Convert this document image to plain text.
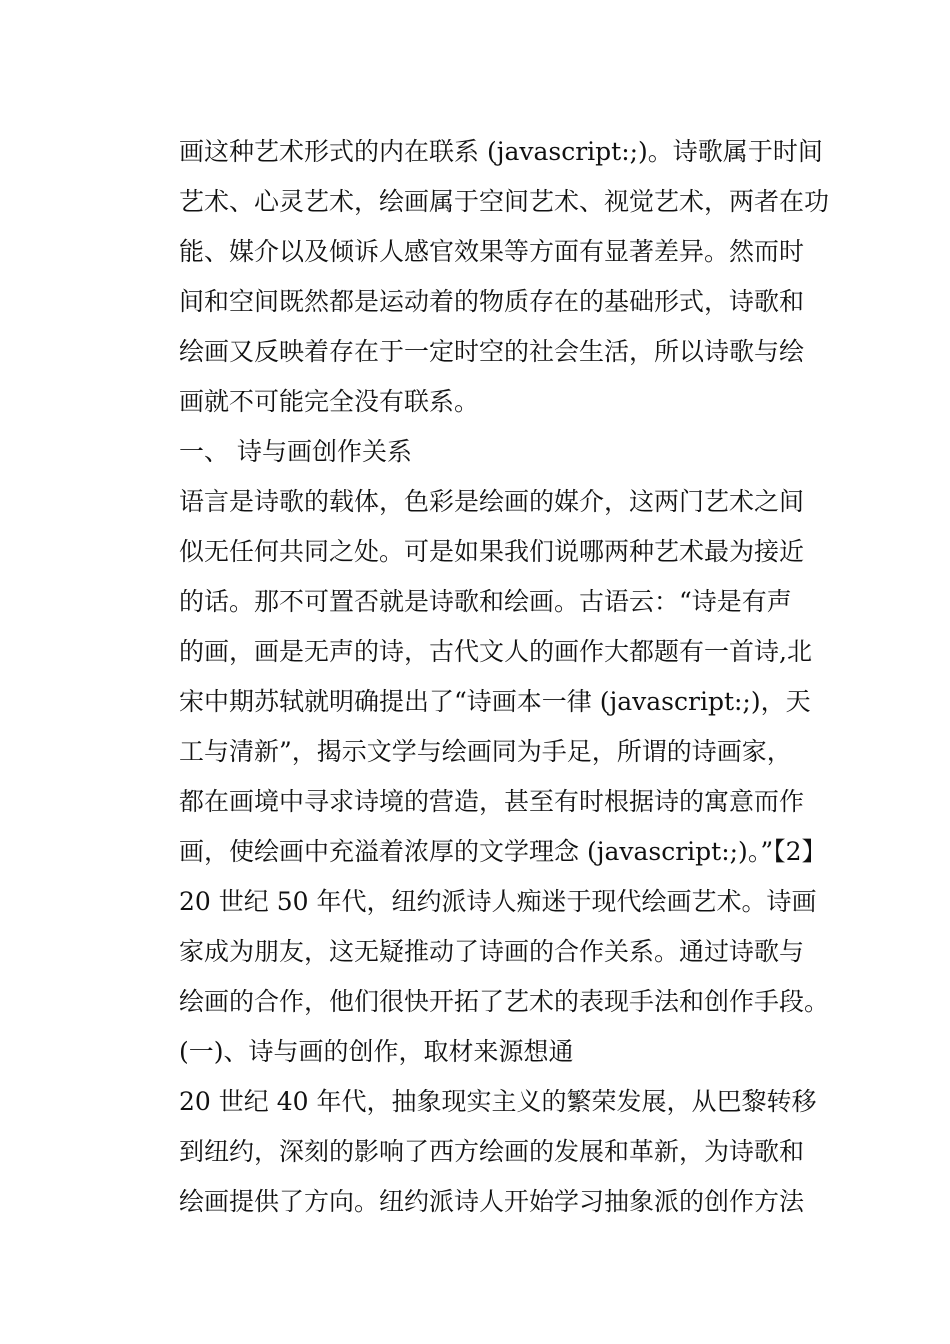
画这种艺术形式的内在联系 (javascript:;)。诗歌属于时间
艺术、心灵艺术，绘画属于空间艺术、视觉艺术，两者在功
能、媒介以及倾诉人感官效果等方面有显著差异。然而时
间和空间既然都是运动着的物质存在的基础形式，诗歌和
绘画又反映着存在于一定时空的社会生活，所以诗歌与绘
画就不可能完全没有联系。
一、 诗与画创作关系
语言是诗歌的载体，色彩是绘画的媒介，这两门艺术之间
似无任何共同之处。可是如果我们说哪两种艺术最为接近
的话。那不可置否就是诗歌和绘画。古语云：“诗是有声
的画，画是无声的诗，古代文人的画作大都题有一首诗,北
宋中期苏轼就明确提出了“诗画本一律 (javascript:;)，天
工与清新”，揭示文学与绘画同为手足，所谓的诗画家，
都在画境中寻求诗境的营造，甚至有时根据诗的寓意而作
画，使绘画中充溢着浓厚的文学理念 (javascript:;)。”【2】
20 世纪 50 年代，纽约派诗人痴迷于现代绘画艺术。诗画
家成为朋友，这无疑推动了诗画的合作关系。通过诗歌与
绘画的合作，他们很快开拓了艺术的表现手法和创作手段。
(一)、诗与画的创作，取材来源想通
20 世纪 40 年代，抽象现实主义的繁荣发展，从巴黎转移
到纽约，深刻的影响了西方绘画的发展和革新，为诗歌和
绘画提供了方向。纽约派诗人开始学习抽象派的创作方法
